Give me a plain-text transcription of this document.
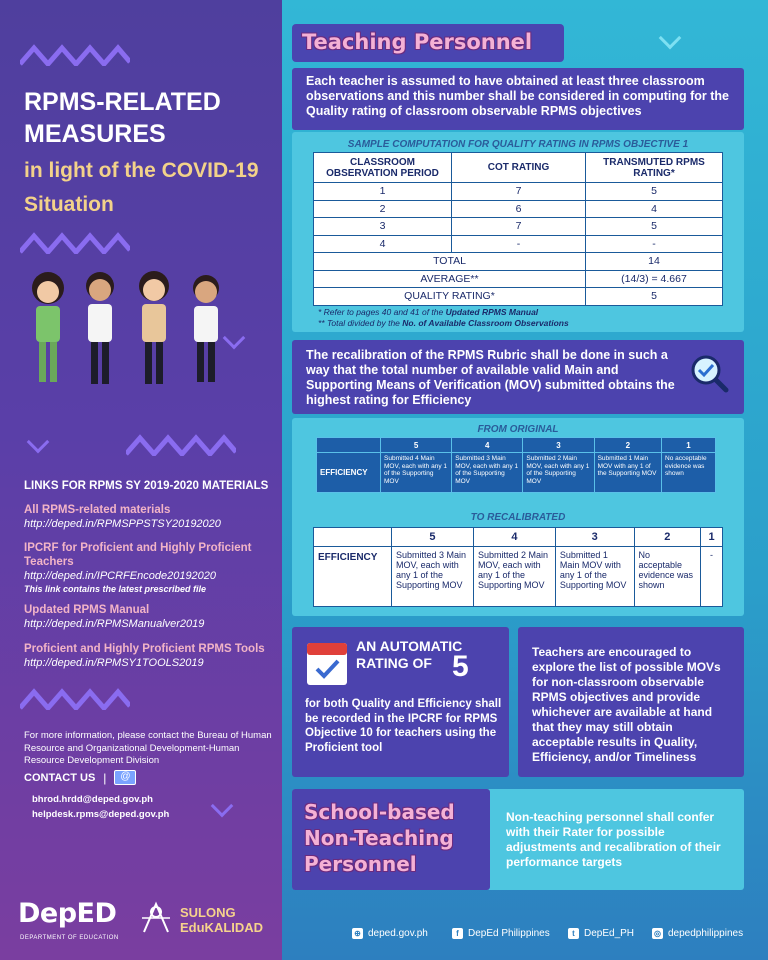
RPMS-RELATED MEASURES
in light of the COVID-19 Situation
LINKS FOR RPMS SY 2019-2020 MATERIALS
All RPMS-related materials
http://deped.in/RPMSPPSTSY20192020
IPCRF for Proficient and Highly Proficient Teachers
http://deped.in/IPCRFEncode20192020
This link contains the latest prescribed file
Updated RPMS Manual
http://deped.in/RPMSManualver2019
Proficient and Highly Proficient RPMS Tools
http://deped.in/RPMSY1TOOLS2019
For more information, please contact the Bureau of Human Resource and Organizational Development-Human Resource Development Division
CONTACT US |	@
bhrod.hrdd@deped.gov.ph
helpdesk.rpms@deped.gov.ph
DepED
DEPARTMENT OF EDUCATION
SULONG
EduKALIDAD
Teaching Personnel
Each teacher is assumed to have obtained at least three classroom observations and this number shall be considered in computing for the Quality rating of classroom observable RPMS objectives
SAMPLE COMPUTATION FOR QUALITY RATING IN RPMS OBJECTIVE 1
CLASSROOM OBSERVATION PERIOD	COT RATING	TRANSMUTED RPMS RATING*
1	7	5
2	6	4
3	7	5
4	-	-
TOTAL		14
AVERAGE**		(14/3) = 4.667
QUALITY RATING*		5
* Refer to pages 40 and 41 of the Updated RPMS Manual
** Total divided by the No. of Available Classroom Observations
The recalibration of the RPMS Rubric shall be done in such a way that the total number of available valid Main and Supporting Means of Verification (MOV) submitted obtains the highest rating for Efficiency
FROM ORIGINAL
	5	4	3	2	1
EFFICIENCY	Submitted 4 Main MOV, each with any 1 of the Supporting MOV	Submitted 3 Main MOV, each with any 1 of the Supporting MOV	Submitted 2 Main MOV, each with any 1 of the Supporting MOV	Submitted 1 Main MOV with any 1 of the Supporting MOV	No acceptable evidence was shown
TO RECALIBRATED
	5	4	3	2	1
EFFICIENCY	Submitted 3 Main MOV, each with any 1 of the Supporting MOV	Submitted 2 Main MOV, each with any 1 of the Supporting MOV	Submitted 1 Main MOV with any 1 of the Supporting MOV	No acceptable evidence was shown	-
AN AUTOMATIC
RATING OF 5
for both Quality and Efficiency shall be recorded in the IPCRF for RPMS Objective 10 for teachers using the Proficient tool
Teachers are encouraged to explore the list of possible MOVs for non-classroom observable RPMS objectives and provide whichever are available at hand that they may still obtain acceptable results in Quality, Efficiency, and/or Timeliness
School-based
Non-Teaching
Personnel
Non-teaching personnel shall confer with their Rater for possible adjustments and recalibration of their performance targets
⊕ deped.gov.ph	f DepEd Philippines	t DepEd_PH ◎ depedphilippines
